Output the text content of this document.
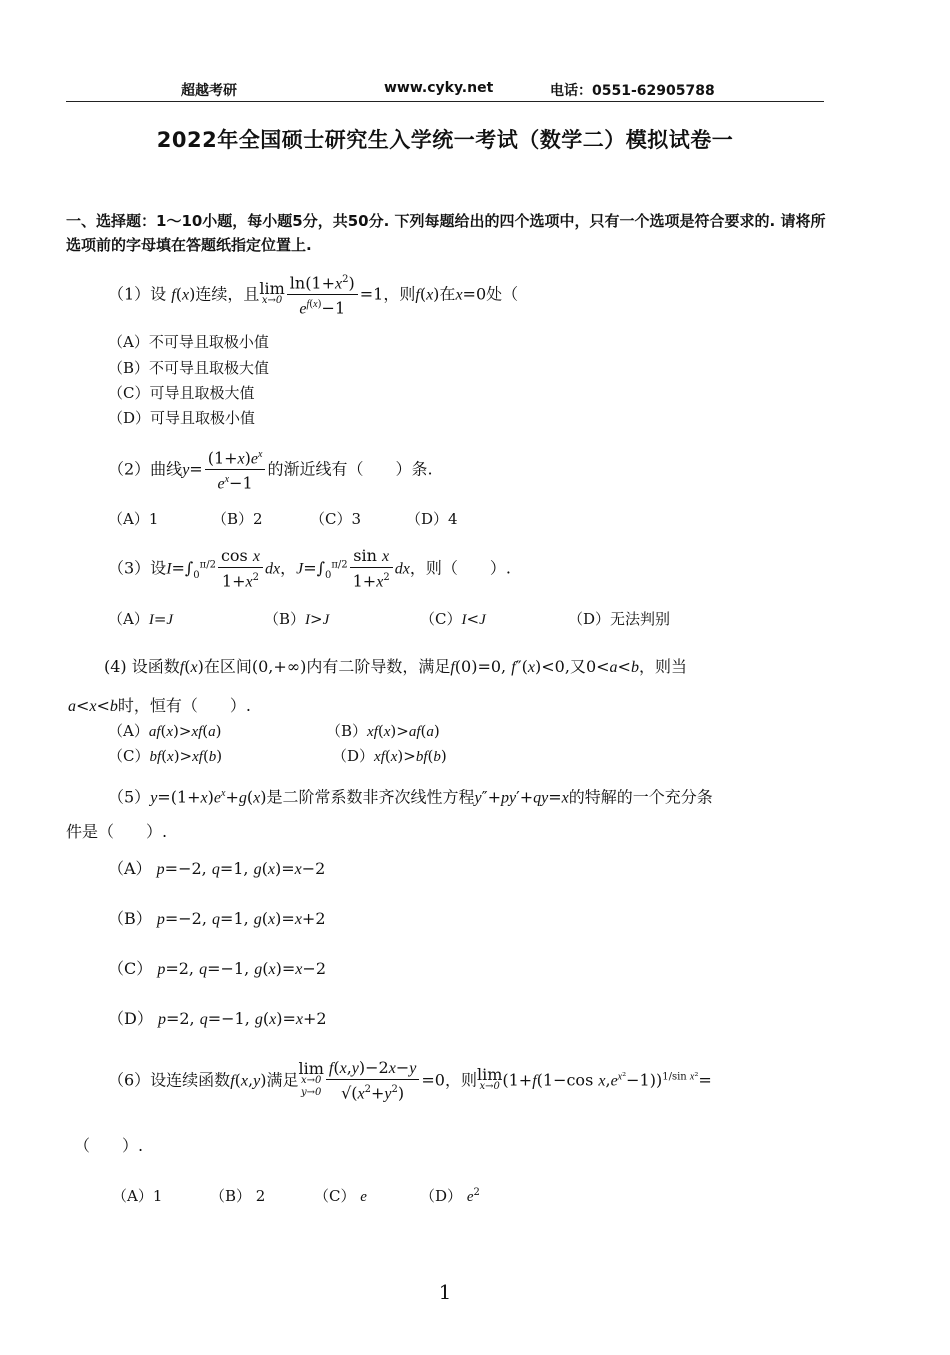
超越考研	www.cyky.net	电话：0551-62905788
2022年全国硕士研究生入学统一考试（数学二）模拟试卷一
一、选择题：1～10小题，每小题5分，共50分. 下列每题给出的四个选项中，只有一个选项是符合要求的. 请将所选项前的字母填在答题纸指定位置上.
（1）设 f(x)连续，且lim
$x\to 0 \frac{\ln(1+x^2)}{e^{f(x)}-1} =1$，则f(x)在x=0处（
（A）不可导且取极小值
（B）不可导且取极大值
（C）可导且取极大值
（D）可导且取极小值
（2）曲线$y= \frac{(1+x)e^x}{e^x-1}$ 的渐近线有（　　）条.
（A）1	（B）2	（C）3	（D）4
（3）设$I=\int_0^{\pi/2} \frac{\text{cos x}}{1+x^2}$ dx，$J=\int_0^{\pi/2} \frac{\text{sin x}}{1+x^2}$ dx，则（　　）.
（A）I=J	（B）I>J	（C）I<J	（D）无法判别
(4) 设函数f(x)在区间(0,+∞)内有二阶导数，满足f(0)=0, f″(x)<0,又0<a<b，则当
a<x<b时，恒有（　　）.
（A）af(x)>xf(a)	（B）xf(x)>af(a)
（C）bf(x)>xf(b)	（D）xf(x)>bf(b)
$(5)y=(1+x)e^x+g(x)$是二阶常系数非齐次线性方程y″+py′+qy=x的特解的一个充分条
件是（　　）.
（A） p=−2, q=1, g(x)=x−2
（B） p=−2, q=1, g(x)=x+2
（C） p=2, q=−1, g(x)=x−2
（D） p=2, q=−1, g(x)=x+2
（6）设连续函数f(x,y)满足lim
x→0
$y\to 0 \frac{f(x,y)-2x-y}{√(x^2+y^2)} =0$，则lim
x→0 (1+f(1−cos $x,e^{x^2}-1))^{1/sin x^2}=$
（　　）.
（A）1	（B） 2	（C） e	（D） $e^2$
1
